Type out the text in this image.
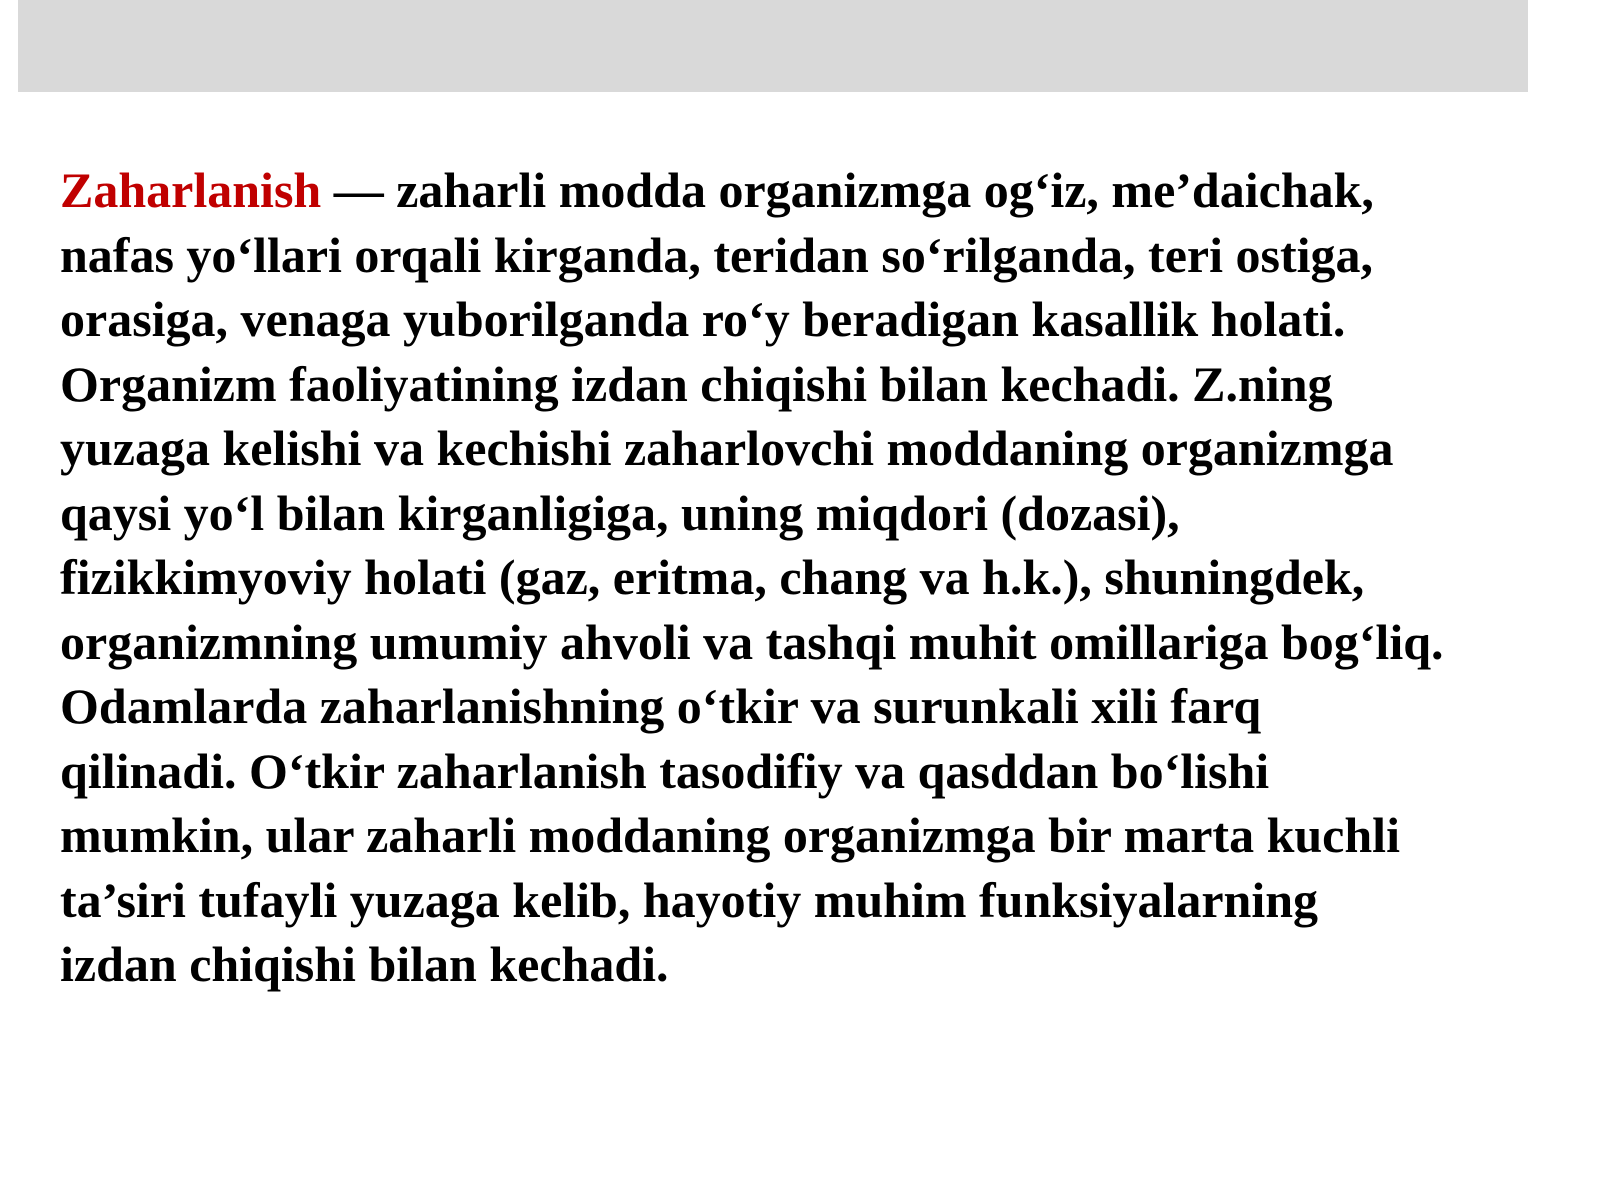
Zaharlanish — zaharli modda organizmga og‘iz, me’daichak,
nafas yo‘llari orqali kirganda, teridan so‘rilganda, teri ostiga,
orasiga, venaga yuborilganda ro‘y beradigan kasallik holati.
Organizm faoliyatining izdan chiqishi bilan kechadi. Z.ning
yuzaga kelishi va kechishi zaharlovchi moddaning organizmga
qaysi yo‘l bilan kirganligiga, uning miqdori (dozasi),
fizikkimyoviy holati (gaz, eritma, chang va h.k.), shuningdek,
organizmning umumiy ahvoli va tashqi muhit omillariga bog‘liq.
Odamlarda zaharlanishning o‘tkir va surunkali xili farq
qilinadi. O‘tkir zaharlanish tasodifiy va qasddan bo‘lishi
mumkin, ular zaharli moddaning organizmga bir marta kuchli
ta’siri tufayli yuzaga kelib, hayotiy muhim funksiyalarning
izdan chiqishi bilan kechadi.
